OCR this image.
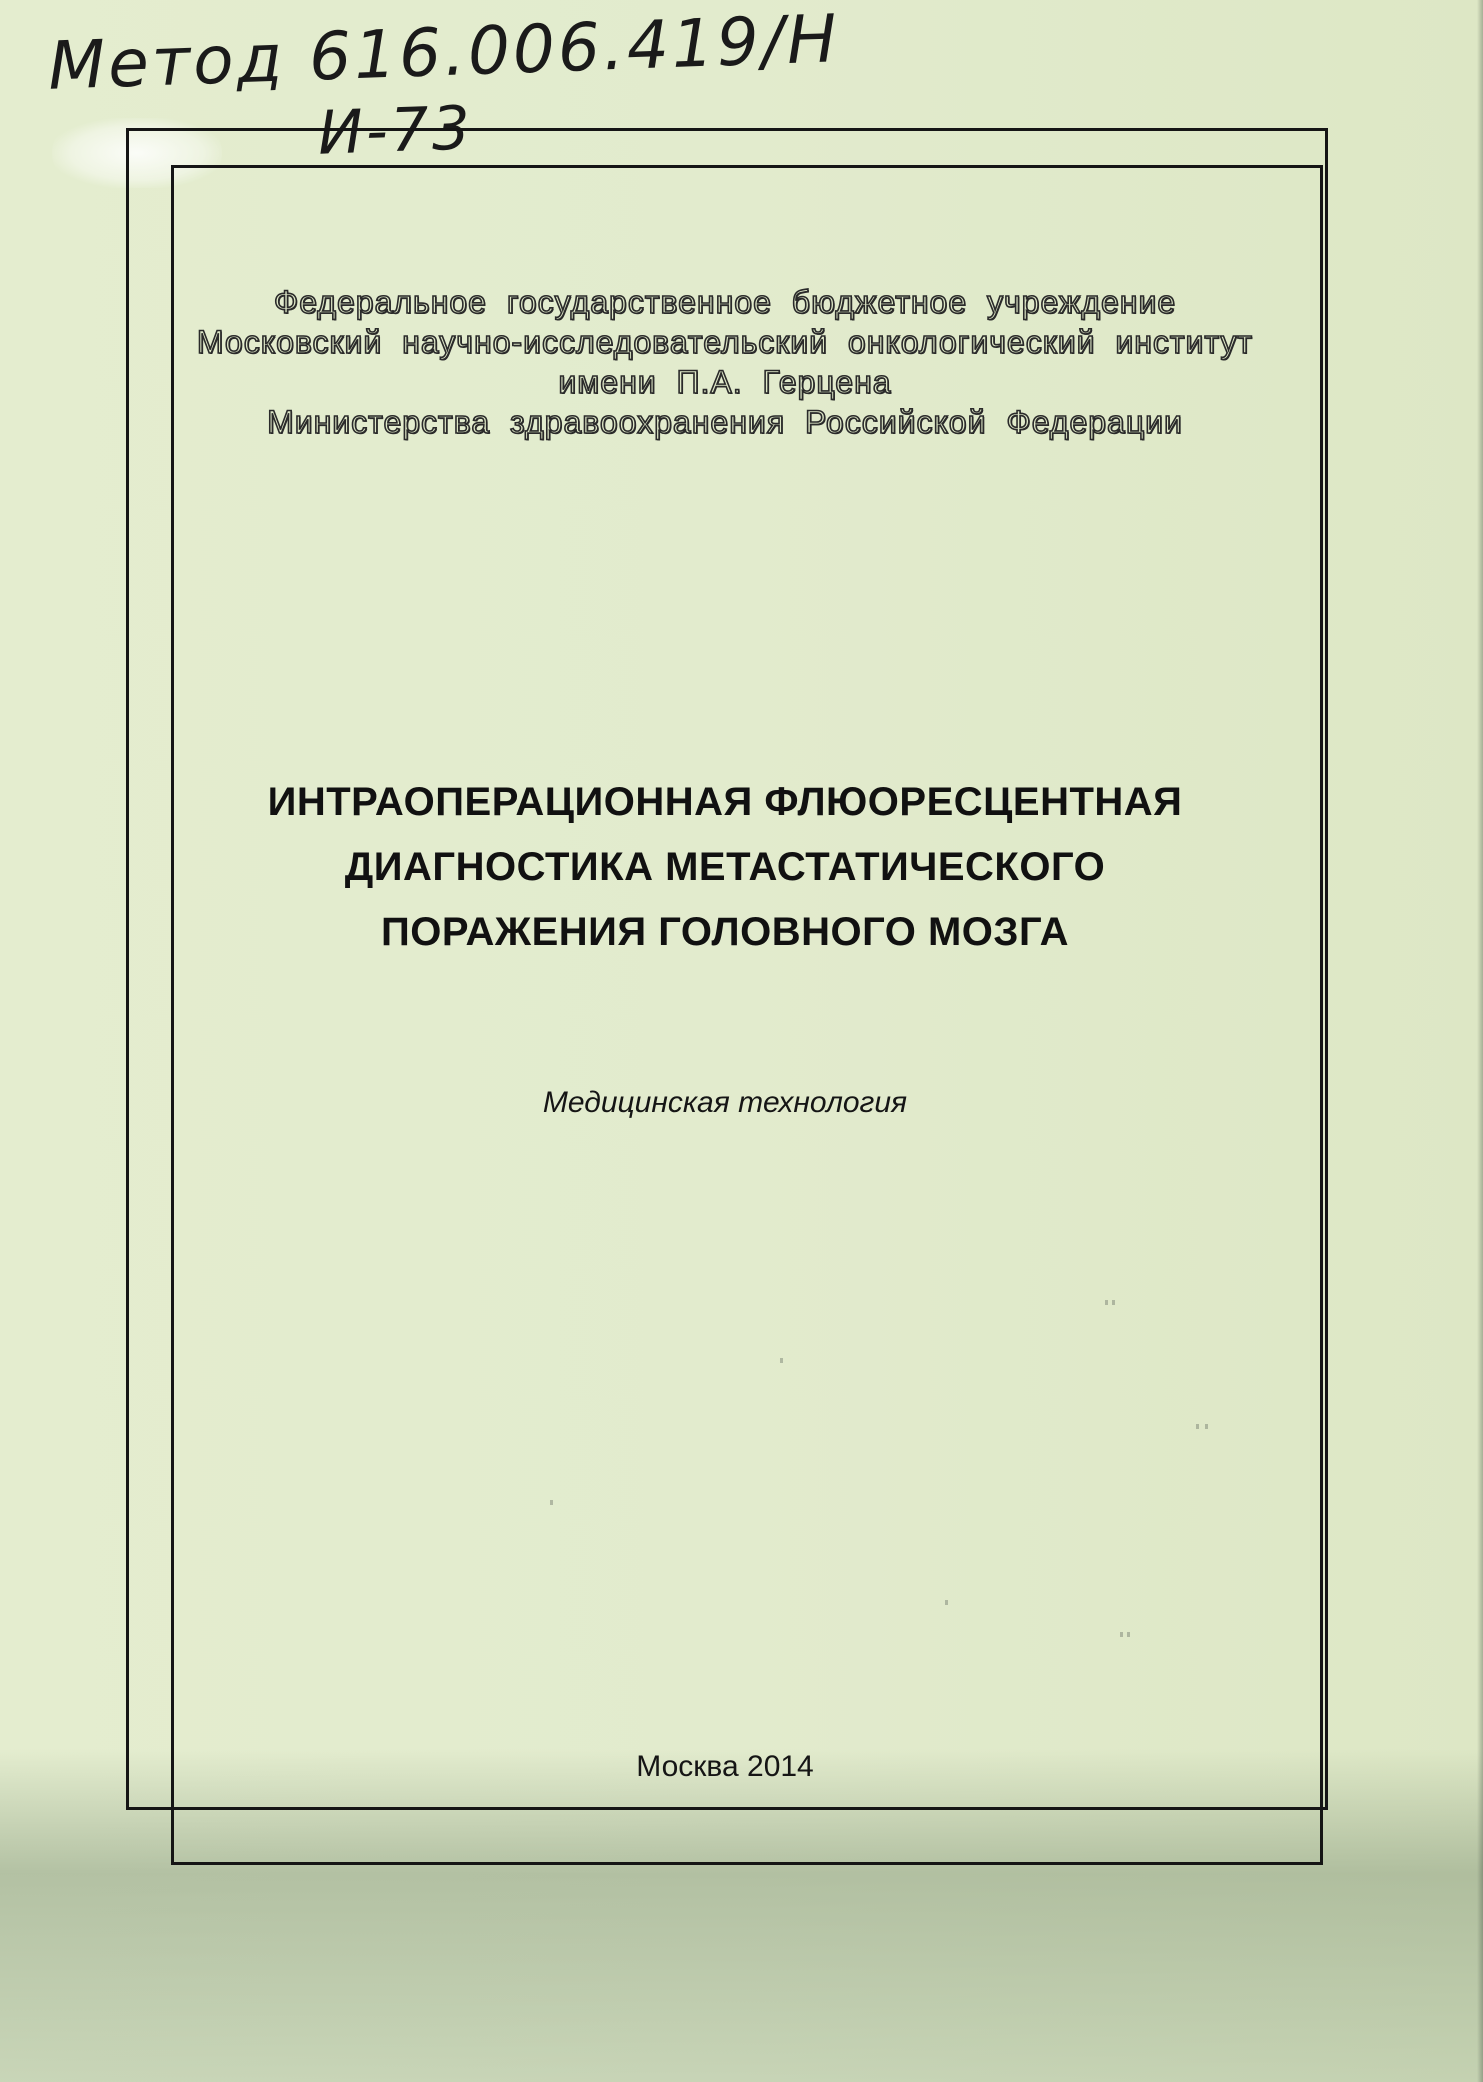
Метод 616.006.419/Н
И-73
Федеральное государственное бюджетное учреждение
Московский научно-исследовательский онкологический институт
имени П.А. Герцена
Министерства здравоохранения Российской Федерации
ИНТРАОПЕРАЦИОННАЯ ФЛЮОРЕСЦЕНТНАЯ
ДИАГНОСТИКА МЕТАСТАТИЧЕСКОГО
ПОРАЖЕНИЯ ГОЛОВНОГО МОЗГА
Медицинская технология
Москва 2014
